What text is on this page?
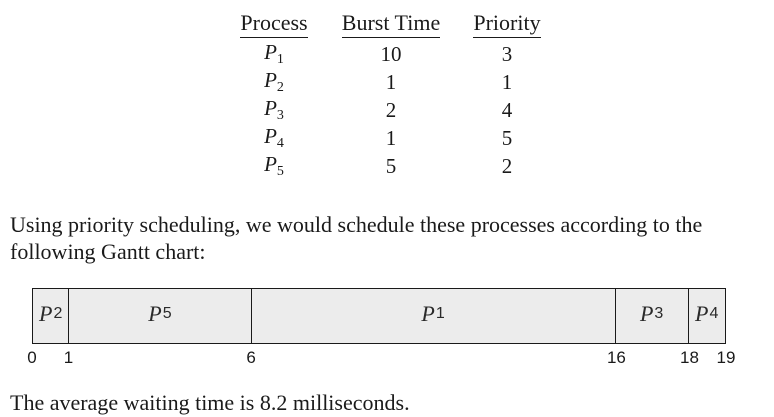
Process	Burst Time	Priority
$P_1$	10	3
$P_2$	1	1
$P_3$	2	4
$P_4$	1	5
$P_5$	5	2

Using priority scheduling, we would schedule these processes according to the following Gantt chart:

P 2	P 5	P 1	P 3 P 4
0 1	6	16	18 19

The average waiting time is 8.2 milliseconds.
